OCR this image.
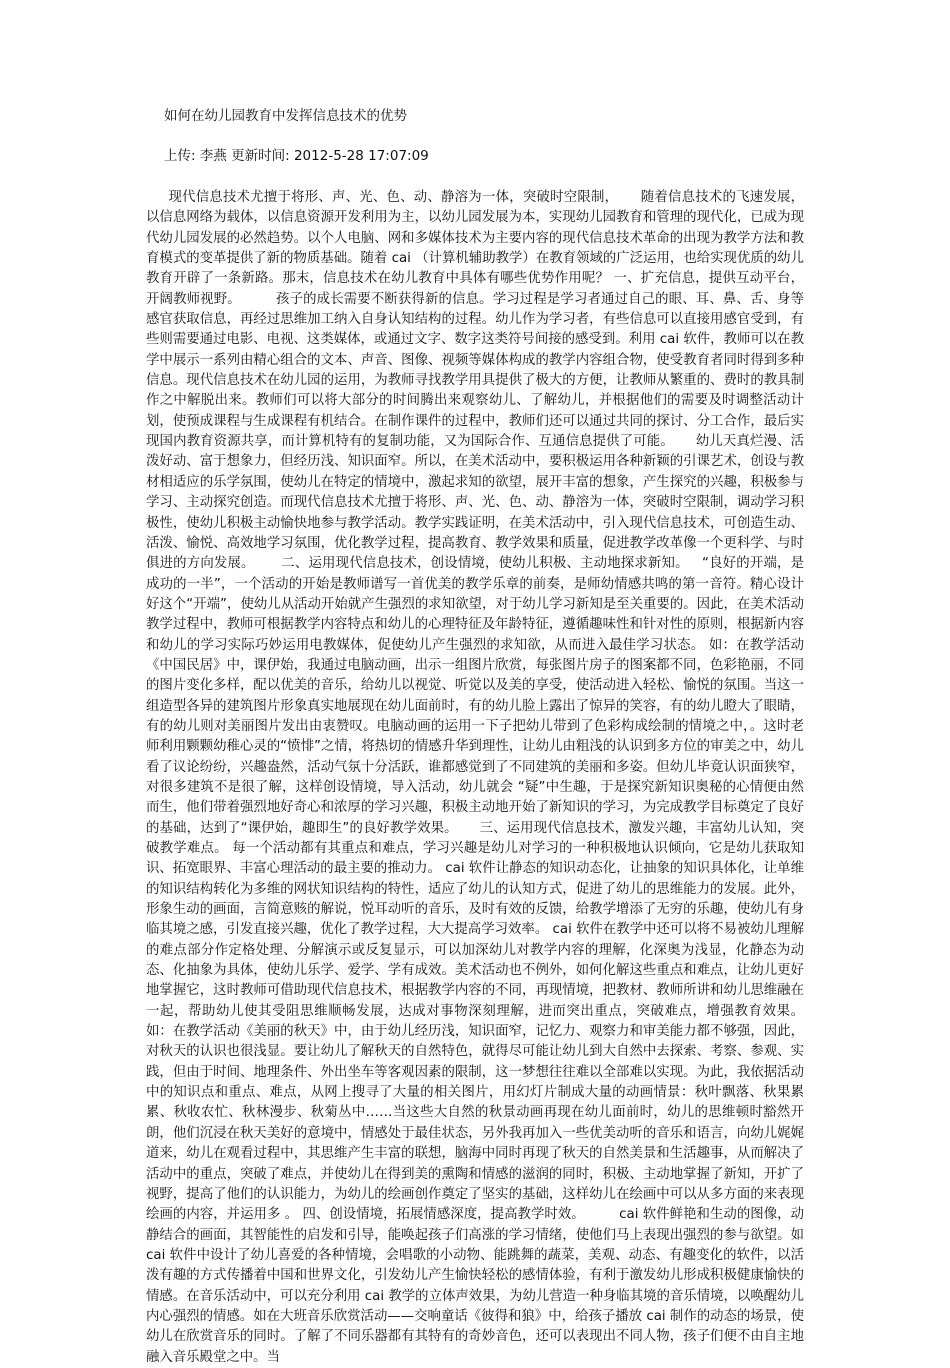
如何在幼儿园教育中发挥信息技术的优势
上传: 李燕 更新时间: 2012-5-28 17:07:09
现代信息技术尤擅于将形、声、光、色、动、静溶为一体，突破时空限制，     随着信息技术的飞速发展，以信息网络为载体，以信息资源开发利用为主，以幼儿园发展为本，实现幼儿园教育和管理的现代化，已成为现代幼儿园发展的必然趋势。以个人电脑、网和多媒体技术为主要内容的现代信息技术革命的出现为教学方法和教育模式的变革提供了新的物质基础。随着 cai （计算机辅助教学）在教育领域的广泛运用，也给实现优质的幼儿教育开辟了一条新路。那末，信息技术在幼儿教育中具体有哪些优势作用呢？ 一、扩充信息，提供互动平台，开阔教师视野。        孩子的成长需要不断获得新的信息。学习过程是学习者通过自己的眼、耳、鼻、舌、身等感官获取信息，再经过思维加工纳入自身认知结构的过程。幼儿作为学习者，有些信息可以直接用感官受到，有些则需要通过电影、电视、这类媒体，或通过文字、数字这类符号间接的感受到。利用 cai 软件，教师可以在教学中展示一系列由精心组合的文本、声音、图像、视频等媒体构成的教学内容组合物，使受教育者同时得到多种信息。现代信息技术在幼儿园的运用，为教师寻找教学用具提供了极大的方便，让教师从繁重的、费时的教具制作之中解脱出来。教师们可以将大部分的时间腾出来观察幼儿、了解幼儿，并根据他们的需要及时调整活动计划，使预成课程与生成课程有机结合。在制作课件的过程中，教师们还可以通过共同的探讨、分工合作，最后实现国内教育资源共享，而计算机特有的复制功能，又为国际合作、互通信息提供了可能。     幼儿天真烂漫、活泼好动、富于想象力，但经历浅、知识面窄。所以，在美术活动中，要积极运用各种新颖的引课艺术，创设与教材相适应的乐学氛围，使幼儿在特定的情境中，激起求知的欲望，展开丰富的想象，产生探究的兴趣，积极参与学习、主动探究创造。而现代信息技术尤擅于将形、声、光、色、动、静溶为一体，突破时空限制，调动学习积极性，使幼儿积极主动愉快地参与教学活动。教学实践证明，在美术活动中，引入现代信息技术，可创造生动、活泼、愉悦、高效地学习氛围，优化教学过程，提高教育、教学效果和质量，促进教学改革像一个更科学、与时俱进的方向发展。      二、运用现代信息技术，创设情境，使幼儿积极、主动地探求新知。   “良好的开端，是成功的一半”，一个活动的开始是教师谱写一首优美的教学乐章的前奏，是师幼情感共鸣的第一音符。精心设计好这个“开端”，使幼儿从活动开始就产生强烈的求知欲望，对于幼儿学习新知是至关重要的。因此，在美术活动教学过程中，教师可根据教学内容特点和幼儿的心理特征及年龄特征，遵循趣味性和针对性的原则，根据新内容和幼儿的学习实际巧妙运用电教媒体，促使幼儿产生强烈的求知欲，从而进入最佳学习状态。 如：在教学活动《中国民居》中，课伊始，我通过电脑动画，出示一组图片欣赏，每张图片房子的图案都不同，色彩艳丽，不同的图片变化多样，配以优美的音乐，给幼儿以视觉、听觉以及美的享受，使活动进入轻松、愉悦的氛围。当这一组造型各异的建筑图片形象真实地展现在幼儿面前时，有的幼儿脸上露出了惊异的笑容，有的幼儿瞪大了眼睛，有的幼儿则对美丽图片发出由衷赞叹。电脑动画的运用一下子把幼儿带到了色彩构成绘制的情境之中，。这时老师利用颗颗幼稚心灵的“愤悱”之情，将热切的情感升华到理性，让幼儿由粗浅的认识到多方位的审美之中，幼儿看了议论纷纷，兴趣盎然，活动气氛十分活跃，谁都感觉到了不同建筑的美丽和多姿。但幼儿毕竟认识面狭窄，对很多建筑不是很了解，这样创设情境，导入活动，幼儿就会 “疑”中生趣，于是探究新知识奥秘的心情便由然而生，他们带着强烈地好奇心和浓厚的学习兴趣，积极主动地开始了新知识的学习，为完成教学目标奠定了良好的基础，达到了“课伊始，趣即生”的良好教学效果。     三、运用现代信息技术，激发兴趣，丰富幼儿认知，突破教学难点。 每一个活动都有其重点和难点，学习兴趣是幼儿对学习的一种积极地认识倾向，它是幼儿获取知识、拓宽眼界、丰富心理活动的最主要的推动力。 cai 软件让静态的知识动态化，让抽象的知识具体化，让单维的知识结构转化为多维的网状知识结构的特性，适应了幼儿的认知方式，促进了幼儿的思维能力的发展。此外，形象生动的画面，言简意赅的解说，悦耳动听的音乐，及时有效的反馈，给教学增添了无穷的乐趣，使幼儿有身临其境之感，引发直接兴趣，优化了教学过程，大大提高学习效率。 cai 软件在教学中还可以将不易被幼儿理解的难点部分作定格处理、分解演示或反复显示，可以加深幼儿对教学内容的理解，化深奥为浅显，化静态为动态、化抽象为具体，使幼儿乐学、爱学、学有成效。美术活动也不例外，如何化解这些重点和难点，让幼儿更好地掌握它，这时教师可借助现代信息技术，根据教学内容的不同，再现情境，把教材、教师所讲和幼儿思维融在一起，帮助幼儿使其受阻思维顺畅发展，达成对事物深刻理解，进而突出重点，突破难点，增强教育效果。 如：在教学活动《美丽的秋天》中，由于幼儿经历浅，知识面窄，记忆力、观察力和审美能力都不够强，因此，对秋天的认识也很浅显。要让幼儿了解秋天的自然特色，就得尽可能让幼儿到大自然中去探索、考察、参观、实践，但由于时间、地理条件、外出坐车等客观因素的限制，这一梦想往往难以全部难以实现。为此，我依据活动中的知识点和重点、难点，从网上搜寻了大量的相关图片，用幻灯片制成大量的动画情景：秋叶飘落、秋果累累、秋收农忙、秋林漫步、秋菊丛中……当这些大自然的秋景动画再现在幼儿面前时，幼儿的思维顿时豁然开朗，他们沉浸在秋天美好的意境中，情感处于最佳状态，另外我再加入一些优美动听的音乐和语言，向幼儿娓娓道来，幼儿在观看过程中，其思维产生丰富的联想，脑海中同时再现了秋天的自然美景和生活趣事，从而解决了活动中的重点，突破了难点，并使幼儿在得到美的熏陶和情感的滋润的同时，积极、主动地掌握了新知，开扩了视野，提高了他们的认识能力，为幼儿的绘画创作奠定了坚实的基础，这样幼儿在绘画中可以从多方面的来表现绘画的内容，并运用多 。 四、创设情境，拓展情感深度，提高教学时效。        cai 软件鲜艳和生动的图像，动静结合的画面，其智能性的启发和引导，能唤起孩子们高涨的学习情绪，使他们马上表现出强烈的参与欲望。如 cai 软件中设计了幼儿喜爱的各种情境，会唱歌的小动物、能跳舞的蔬菜，美观、动态、有趣变化的软件，以活泼有趣的方式传播着中国和世界文化，引发幼儿产生愉快轻松的感情体验，有利于激发幼儿形成积极健康愉快的情感。在音乐活动中，可以充分利用 cai 教学的立体声效果，为幼儿营造一种身临其境的音乐情境，以唤醒幼儿内心强烈的情感。如在大班音乐欣赏活动——交响童话《彼得和狼》中，给孩子播放 cai 制作的动态的场景，使幼儿在欣赏音乐的同时。了解了不同乐器都有其特有的奇妙音色，还可以表现出不同人物，孩子们便不由自主地融入音乐殿堂之中。当
